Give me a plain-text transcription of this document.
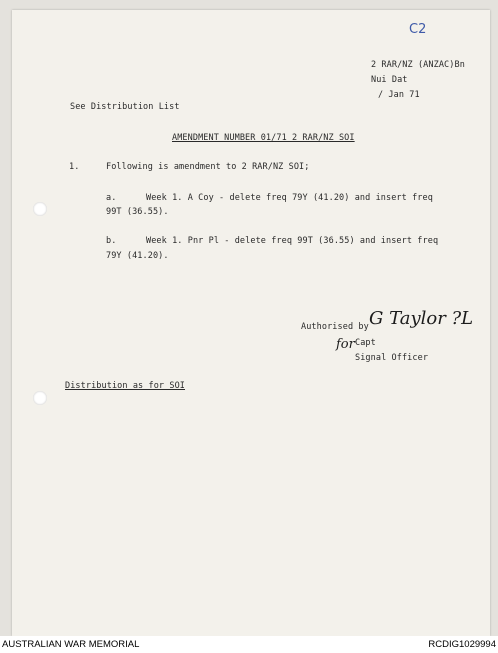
C2
2 RAR/NZ (ANZAC)Bn
Nui Dat
/ Jan 71
See Distribution List
AMENDMENT NUMBER 01/71 2 RAR/NZ SOI
1.	Following is amendment to 2 RAR/NZ SOI;
a.	Week 1. A Coy - delete freq 79Y (41.20) and insert freq
99T (36.55).
b.	Week 1. Pnr Pl - delete freq 99T (36.55) and insert freq
79Y (41.20).
Authorised by G Taylor ?L
for Capt
Signal Officer
Distribution as for SOI
AUSTRALIAN WAR MEMORIAL	RCDIG1029994
